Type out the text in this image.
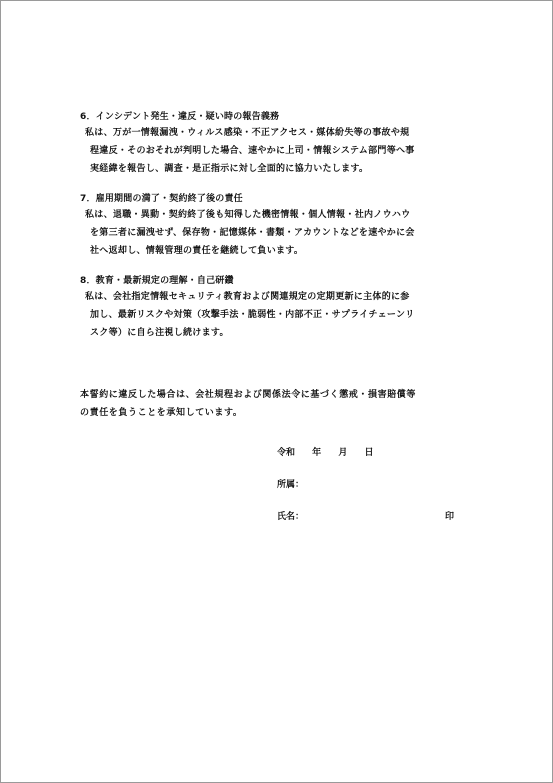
6．インシデント発生・違反・疑い時の報告義務
私は、万が一情報漏洩・ウィルス感染・不正アクセス・媒体紛失等の事故や規
程違反・そのおそれが判明した場合、速やかに上司・情報システム部門等へ事
実経緯を報告し、調査・是正指示に対し全面的に協力いたします。
7．雇用期間の満了・契約終了後の責任
私は、退職・異動・契約終了後も知得した機密情報・個人情報・社内ノウハウ
を第三者に漏洩せず、保存物・記憶媒体・書類・アカウントなどを速やかに会
社へ返却し、情報管理の責任を継続して負います。
8．教育・最新規定の理解・自己研鑽
私は、会社指定情報セキュリティ教育および関連規定の定期更新に主体的に参
加し、最新リスクや対策（攻撃手法・脆弱性・内部不正・サプライチェーンリ
スク等）に自ら注視し続けます。
本誓約に違反した場合は、会社規程および関係法令に基づく懲戒・損害賠償等
の責任を負うことを承知しています。
令和 年 月 日
所属：
氏名：	印
